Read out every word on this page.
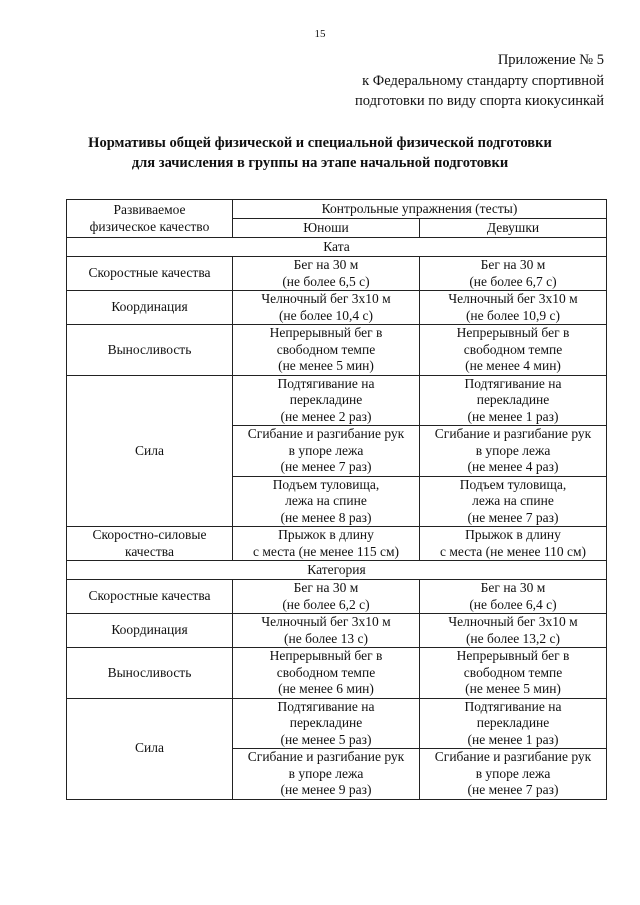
15
Приложение № 5
к Федеральному стандарту спортивной
подготовки по виду спорта киокусинкай
Нормативы общей физической и специальной физической подготовки
для зачисления в группы на этапе начальной подготовки
Развиваемое
физическое качество	Контрольные упражнения (тесты)	
	Юноши	Девушки
Ката		
Скоростные качества	Бег на 30 м
(не более 6,5 с)	Бег на 30 м
(не более 6,7 с)

Координация	Челночный бег 3х10 м
(не более 10,4 с)	Челночный бег 3х10 м
(не более 10,9 с)

Выносливость	Непрерывный бег в
свободном темпе
(не менее 5 мин)	Непрерывный бег в
свободном темпе
(не менее 4 мин)

Сила	Подтягивание на
перекладине
(не менее 2 раз)	Подтягивание на
перекладине
(не менее 1 раз)

	Сгибание и разгибание рук
в упоре лежа
(не менее 7 раз)	Сгибание и разгибание рук
в упоре лежа
(не менее 4 раз)

	Подъем туловища,
лежа на спине
(не менее 8 раз)	Подъем туловища,
лежа на спине
(не менее 7 раз)

Скоростно-силовые
качества	Прыжок в длину
с места (не менее 115 см)	Прыжок в длину
с места (не менее 110 см)

Категория		
Скоростные качества	Бег на 30 м
(не более 6,2 с)	Бег на 30 м
(не более 6,4 с)

Координация	Челночный бег 3х10 м
(не более 13 с)	Челночный бег 3х10 м
(не более 13,2 с)

Выносливость	Непрерывный бег в
свободном темпе
(не менее 6 мин)	Непрерывный бег в
свободном темпе
(не менее 5 мин)

Сила	Подтягивание на
перекладине
(не менее 5 раз)	Подтягивание на
перекладине
(не менее 1 раз)

	Сгибание и разгибание рук
в упоре лежа
(не менее 9 раз)	Сгибание и разгибание рук
в упоре лежа
(не менее 7 раз)
